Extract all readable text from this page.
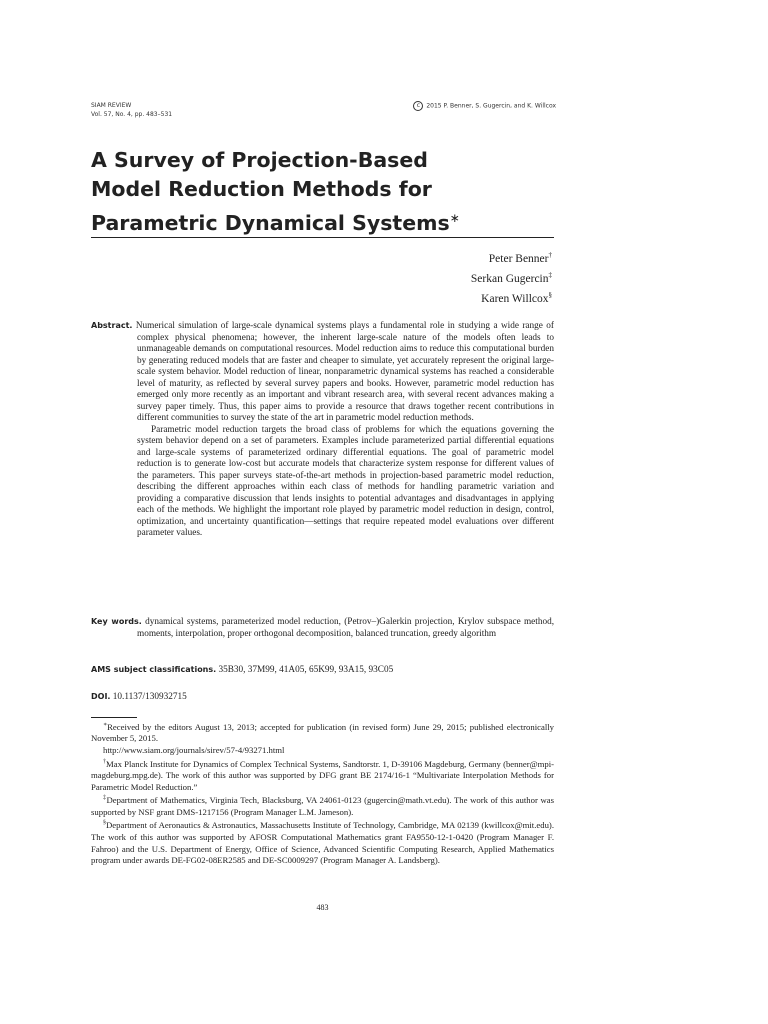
SIAM REVIEW
Vol. 57, No. 4, pp. 483–531
c 2015 P. Benner, S. Gugercin, and K. Willcox
A Survey of Projection-Based
Model Reduction Methods for
Parametric Dynamical Systems∗
Peter Benner†
Serkan Gugercin‡
Karen Willcox§

Abstract. Numerical simulation of large-scale dynamical systems plays a fundamental role in studying a wide range of complex physical phenomena; however, the inherent large-scale nature of the models often leads to unmanageable demands on computational resources. Model reduction aims to reduce this computational burden by generating reduced models that are faster and cheaper to simulate, yet accurately represent the original large-scale system behavior. Model reduction of linear, nonparametric dynamical systems has reached a considerable level of maturity, as reflected by several survey papers and books. However, parametric model reduction has emerged only more recently as an important and vibrant research area, with several recent advances making a survey paper timely. Thus, this paper aims to provide a resource that draws together recent contributions in different communities to survey the state of the art in parametric model reduction methods.

Parametric model reduction targets the broad class of problems for which the equations governing the system behavior depend on a set of parameters. Examples include parameterized partial differential equations and large-scale systems of parameterized ordinary differential equations. The goal of parametric model reduction is to generate low-cost but accurate models that characterize system response for different values of the parameters. This paper surveys state-of-the-art methods in projection-based parametric model reduction, describing the different approaches within each class of methods for handling parametric variation and providing a comparative discussion that lends insights to potential advantages and disadvantages in applying each of the methods. We highlight the important role played by parametric model reduction in design, control, optimization, and uncertainty quantification—settings that require repeated model evaluations over different parameter values.

Key words. dynamical systems, parameterized model reduction, (Petrov–)Galerkin projection, Krylov subspace method, moments, interpolation, proper orthogonal decomposition, balanced truncation, greedy algorithm

AMS subject classifications. 35B30, 37M99, 41A05, 65K99, 93A15, 93C05
DOI. 10.1137/130932715

∗Received by the editors August 13, 2013; accepted for publication (in revised form) June 29, 2015; published electronically November 5, 2015.

http://www.siam.org/journals/sirev/57-4/93271.html

†Max Planck Institute for Dynamics of Complex Technical Systems, Sandtorstr. 1, D-39106 Magdeburg, Germany (benner@mpi-magdeburg.mpg.de). The work of this author was supported by DFG grant BE 2174/16-1 “Multivariate Interpolation Methods for Parametric Model Reduction.”

‡Department of Mathematics, Virginia Tech, Blacksburg, VA 24061-0123 (gugercin@math.vt.edu). The work of this author was supported by NSF grant DMS-1217156 (Program Manager L.M. Jameson).

§Department of Aeronautics & Astronautics, Massachusetts Institute of Technology, Cambridge, MA 02139 (kwillcox@mit.edu). The work of this author was supported by AFOSR Computational Mathematics grant FA9550-12-1-0420 (Program Manager F. Fahroo) and the U.S. Department of Energy, Office of Science, Advanced Scientific Computing Research, Applied Mathematics program under awards DE-FG02-08ER2585 and DE-SC0009297 (Program Manager A. Landsberg).

483
